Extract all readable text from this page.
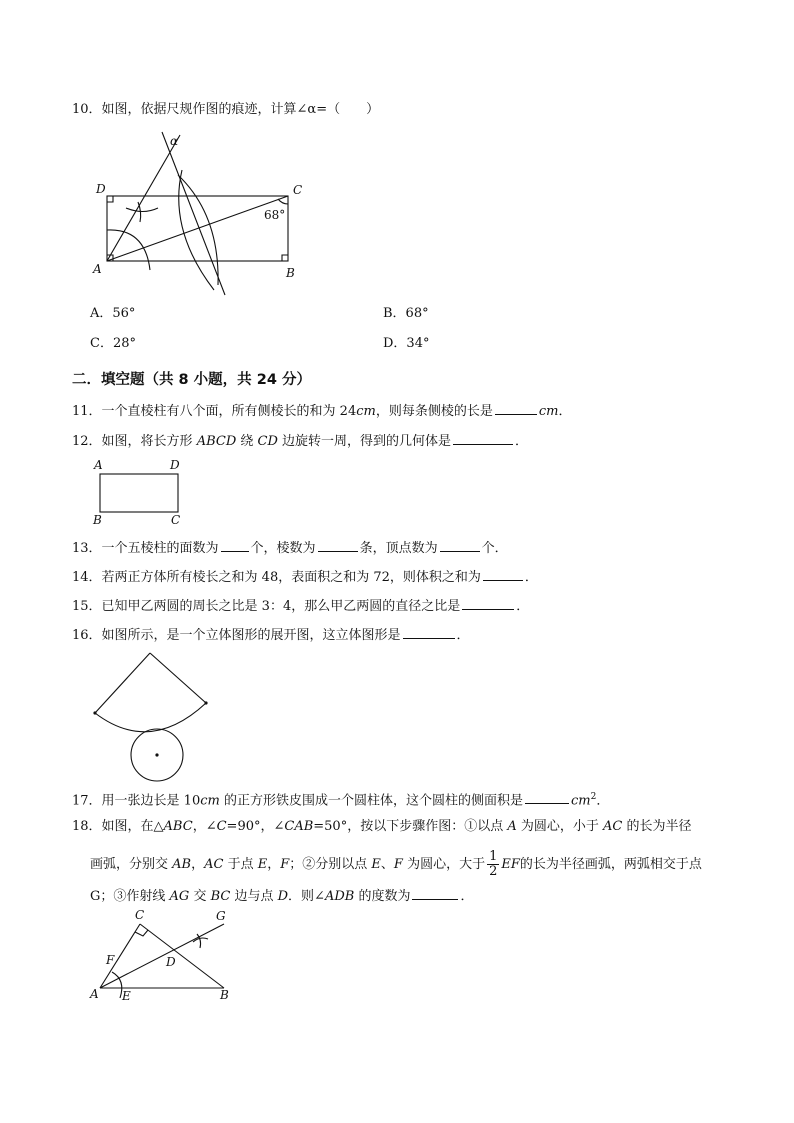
10．如图，依据尺规作图的痕迹，计算∠α=（　　）
α
D	C
A	B
68°
A．56°	B．68°
C．28°	D．34°
二．填空题（共 8 小题，共 24 分）
11．一个直棱柱有八个面，所有侧棱长的和为 24cm，则每条侧棱的长是	cm．
12．如图，将长方形 ABCD 绕 CD 边旋转一周，得到的几何体是	．
A	D
B	C
13．一个五棱柱的面数为 个，棱数为	条，顶点数为	个．
14．若两正方体所有棱长之和为 48，表面积之和为 72，则体积之和为	．
15．已知甲乙两圆的周长之比是 3：4，那么甲乙两圆的直径之比是	．
16．如图所示，是一个立体图形的展开图，这立体图形是	．
17．用一张边长是 10cm 的正方形铁皮围成一个圆柱体，这个圆柱的侧面积是	$cm^2$．
18．如图，在△ABC，∠C=90°，∠CAB=50°，按以下步骤作图：①以点 A 为圆心，小于 AC 的长为半径
画弧，分别交 AB，AC 于点 E，F；②分别以点 E、F 为圆心，大于 $\frac{1}{2}$ EF的长为半径画弧，两弧相交于点
G；③作射线 AG 交 BC 边与点 D．则∠ADB 的度数为	．
C	G
F	D
A E	B
